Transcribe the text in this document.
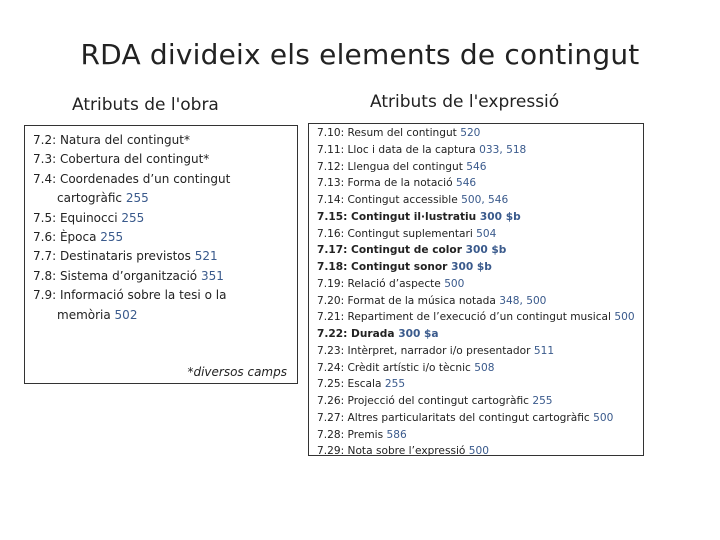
RDA divideix els elements de contingut
Atributs de l'obra	Atributs de l'expressió
7.2: Natura del contingut*
7.3: Cobertura del contingut*
7.4: Coordenades d’un contingut
cartogràfic 255
7.5: Equinocci 255
7.6: Època 255
7.7: Destinataris previstos 521
7.8: Sistema d’organització 351
7.9: Informació sobre la tesi o la
memòria 502
*diversos camps
7.10: Resum del contingut 520
7.11: Lloc i data de la captura 033, 518
7.12: Llengua del contingut 546
7.13: Forma de la notació 546
7.14: Contingut accessible 500, 546
7.15: Contingut il·lustratiu 300 $b
7.16: Contingut suplementari 504
7.17: Contingut de color 300 $b
7.18: Contingut sonor 300 $b
7.19: Relació d’aspecte 500
7.20: Format de la música notada 348, 500
7.21: Repartiment de l’execució d’un contingut musical 500
7.22: Durada 300 $a
7.23: Intèrpret, narrador i/o presentador 511
7.24: Crèdit artístic i/o tècnic 508
7.25: Escala 255
7.26: Projecció del contingut cartogràfic 255
7.27: Altres particularitats del contingut cartogràfic 500
7.28: Premis 586
7.29: Nota sobre l’expressió 500
